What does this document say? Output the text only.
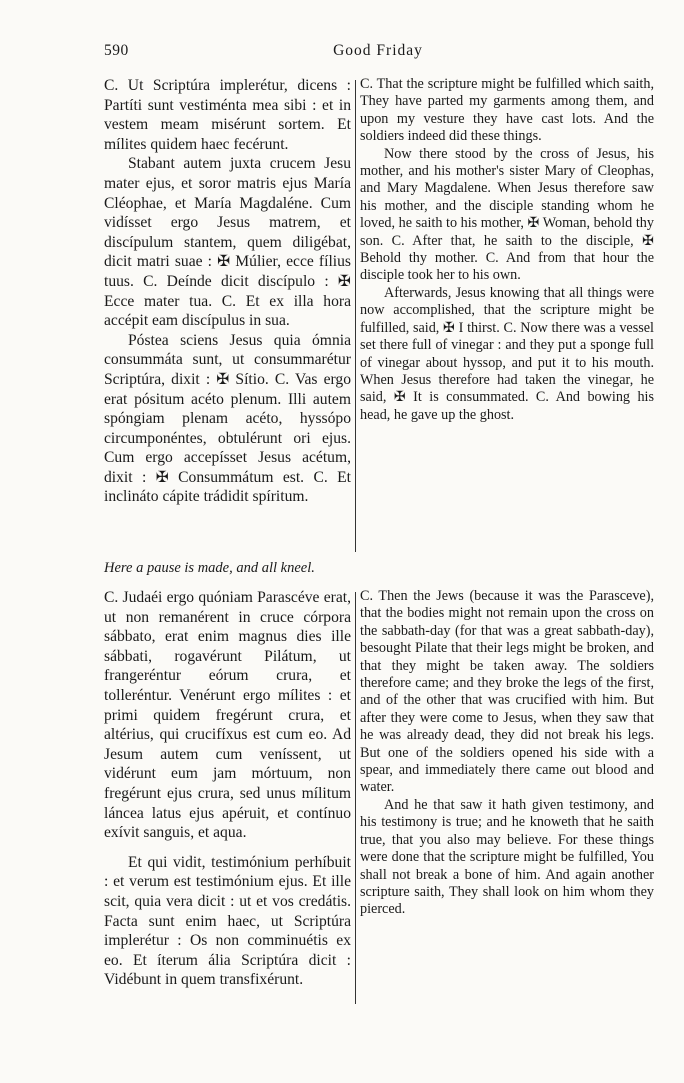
590	Good Friday

C. Ut Scriptúra implerétur, dicens : Partíti sunt vestiménta mea sibi : et in vestem meam misérunt sortem. Et mílites quidem haec fecérunt.

Stabant autem juxta crucem Jesu mater ejus, et soror matris ejus María Cléophae, et María Magdaléne. Cum vidísset ergo Jesus matrem, et discípulum stantem, quem diligébat, dicit matri suae : ✠ Múlier, ecce fílius tuus. C. Deínde dicit discípulo : ✠ Ecce mater tua. C. Et ex illa hora accépit eam discípulus in sua.

Póstea sciens Jesus quia ómnia consummáta sunt, ut consummarétur Scriptúra, dixit : ✠ Sítio. C. Vas ergo erat pósitum acéto plenum. Illi autem spóngiam plenam acéto, hyssópo circumponéntes, obtulérunt ori ejus. Cum ergo accepísset Jesus acétum, dixit : ✠ Consummátum est. C. Et inclináto cápite trádidit spíritum.

C. That the scripture might be fulfilled which saith, They have parted my garments among them, and upon my vesture they have cast lots. And the soldiers indeed did these things.

Now there stood by the cross of Jesus, his mother, and his mother's sister Mary of Cleophas, and Mary Magdalene. When Jesus therefore saw his mother, and the disciple standing whom he loved, he saith to his mother, ✠ Woman, behold thy son. C. After that, he saith to the disciple, ✠ Behold thy mother. C. And from that hour the disciple took her to his own.

Afterwards, Jesus knowing that all things were now accomplished, that the scripture might be fulfilled, said, ✠ I thirst. C. Now there was a vessel set there full of vinegar : and they put a sponge full of vinegar about hyssop, and put it to his mouth. When Jesus therefore had taken the vinegar, he said, ✠ It is consummated. C. And bowing his head, he gave up the ghost.

Here a pause is made, and all kneel.

C. Judaéi ergo quóniam Parascéve erat, ut non remanérent in cruce córpora sábbato, erat enim magnus dies ille sábbati, rogavérunt Pilátum, ut frangeréntur eórum crura, et tolleréntur. Venérunt ergo mílites : et primi quidem fregérunt crura, et altérius, qui crucifíxus est cum eo. Ad Jesum autem cum veníssent, ut vidérunt eum jam mórtuum, non fregérunt ejus crura, sed unus mílitum láncea latus ejus apéruit, et contínuo exívit sanguis, et aqua.

Et qui vidit, testimónium perhíbuit : et verum est testimónium ejus. Et ille scit, quia vera dicit : ut et vos credátis. Facta sunt enim haec, ut Scriptúra implerétur : Os non comminuétis ex eo. Et íterum ália Scriptúra dicit : Vidébunt in quem transfixérunt.

C. Then the Jews (because it was the Parasceve), that the bodies might not remain upon the cross on the sabbath-day (for that was a great sabbath-day), besought Pilate that their legs might be broken, and that they might be taken away. The soldiers therefore came; and they broke the legs of the first, and of the other that was crucified with him. But after they were come to Jesus, when they saw that he was already dead, they did not break his legs. But one of the soldiers opened his side with a spear, and immediately there came out blood and water.

And he that saw it hath given testimony, and his testimony is true; and he knoweth that he saith true, that you also may believe. For these things were done that the scripture might be fulfilled, You shall not break a bone of him. And again another scripture saith, They shall look on him whom they pierced.
